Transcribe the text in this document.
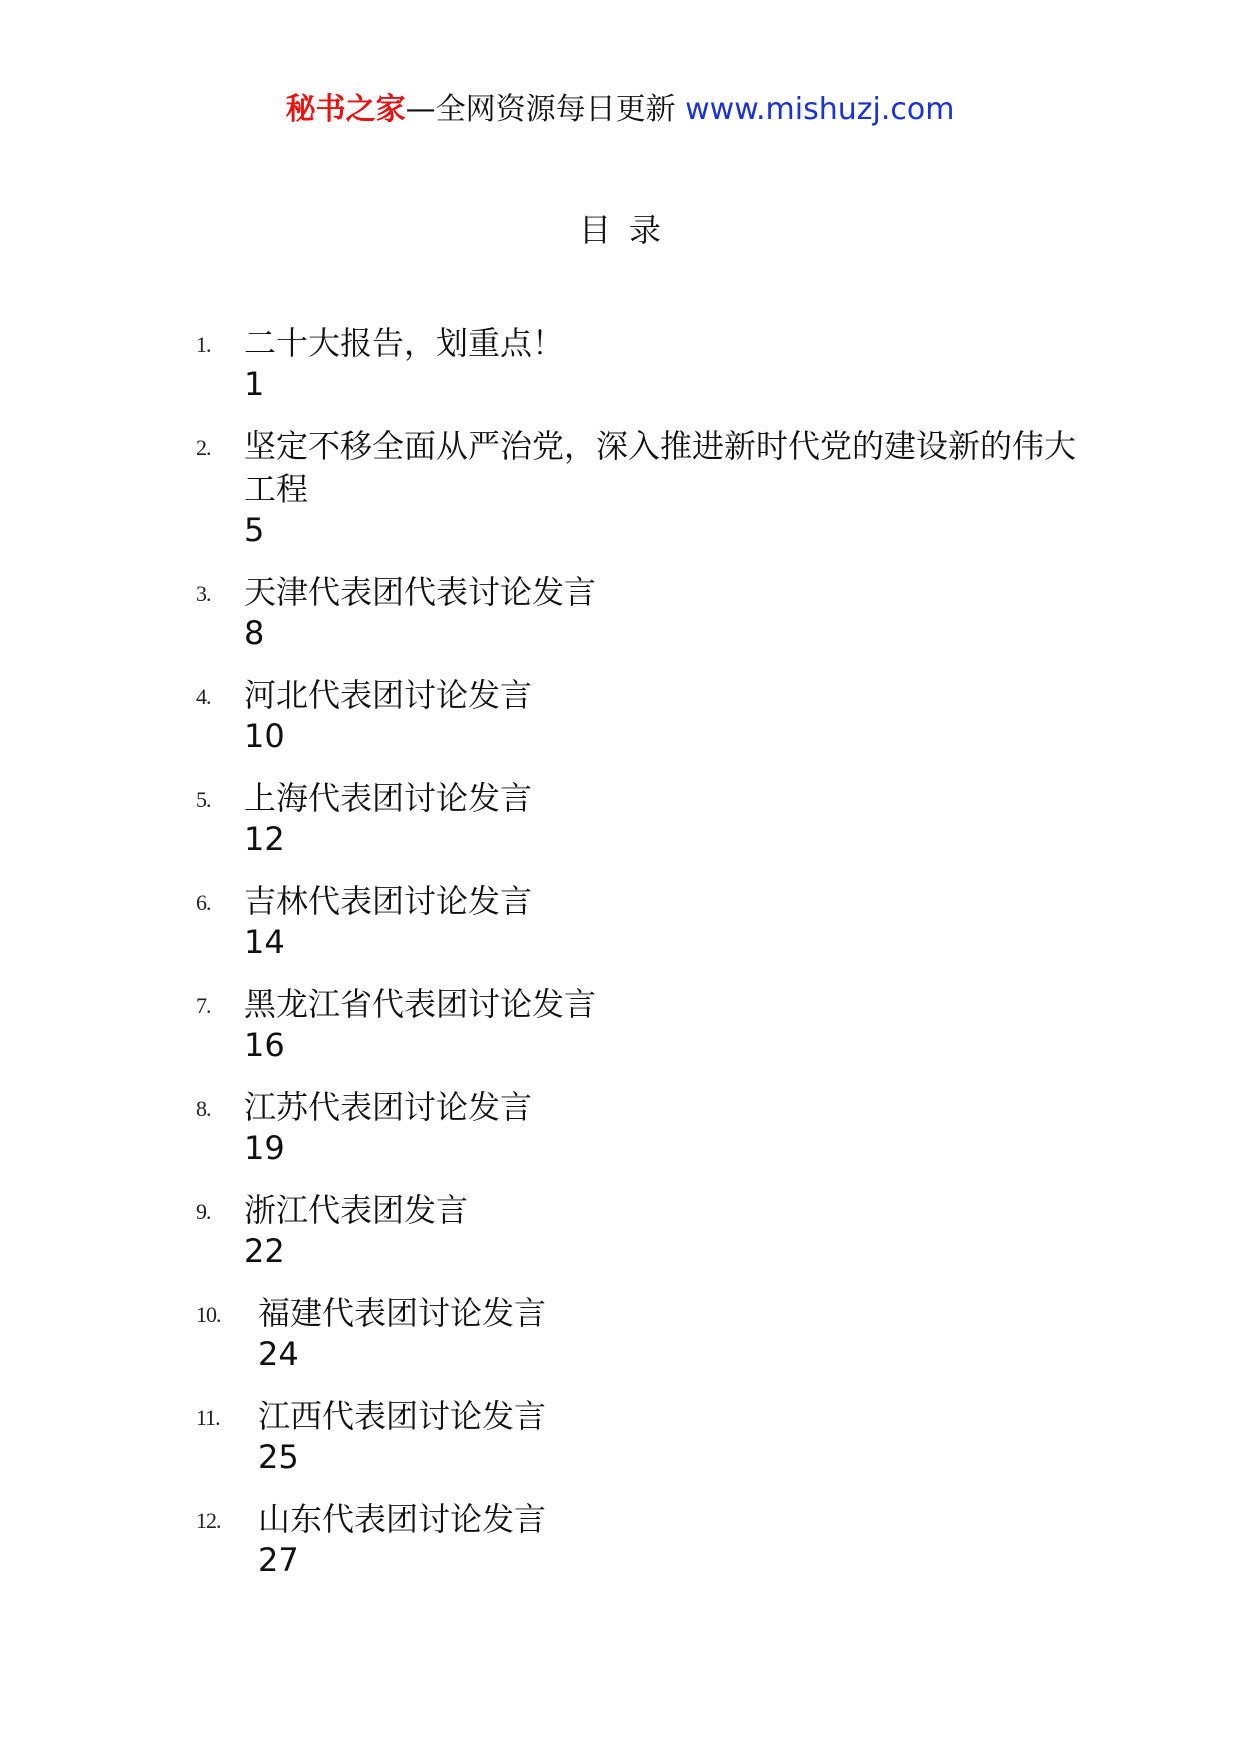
秘书之家—全网资源每日更新 www.mishuzj.com
目录
1. 二十大报告，划重点！
1
2. 坚定不移全面从严治党，深入推进新时代党的建设新的伟大工程
5
3. 天津代表团代表讨论发言
8
4. 河北代表团讨论发言
10
5. 上海代表团讨论发言
12
6. 吉林代表团讨论发言
14
7. 黑龙江省代表团讨论发言
16
8. 江苏代表团讨论发言
19
9. 浙江代表团发言
22
10. 福建代表团讨论发言
24
11. 江西代表团讨论发言
25
12. 山东代表团讨论发言
27
